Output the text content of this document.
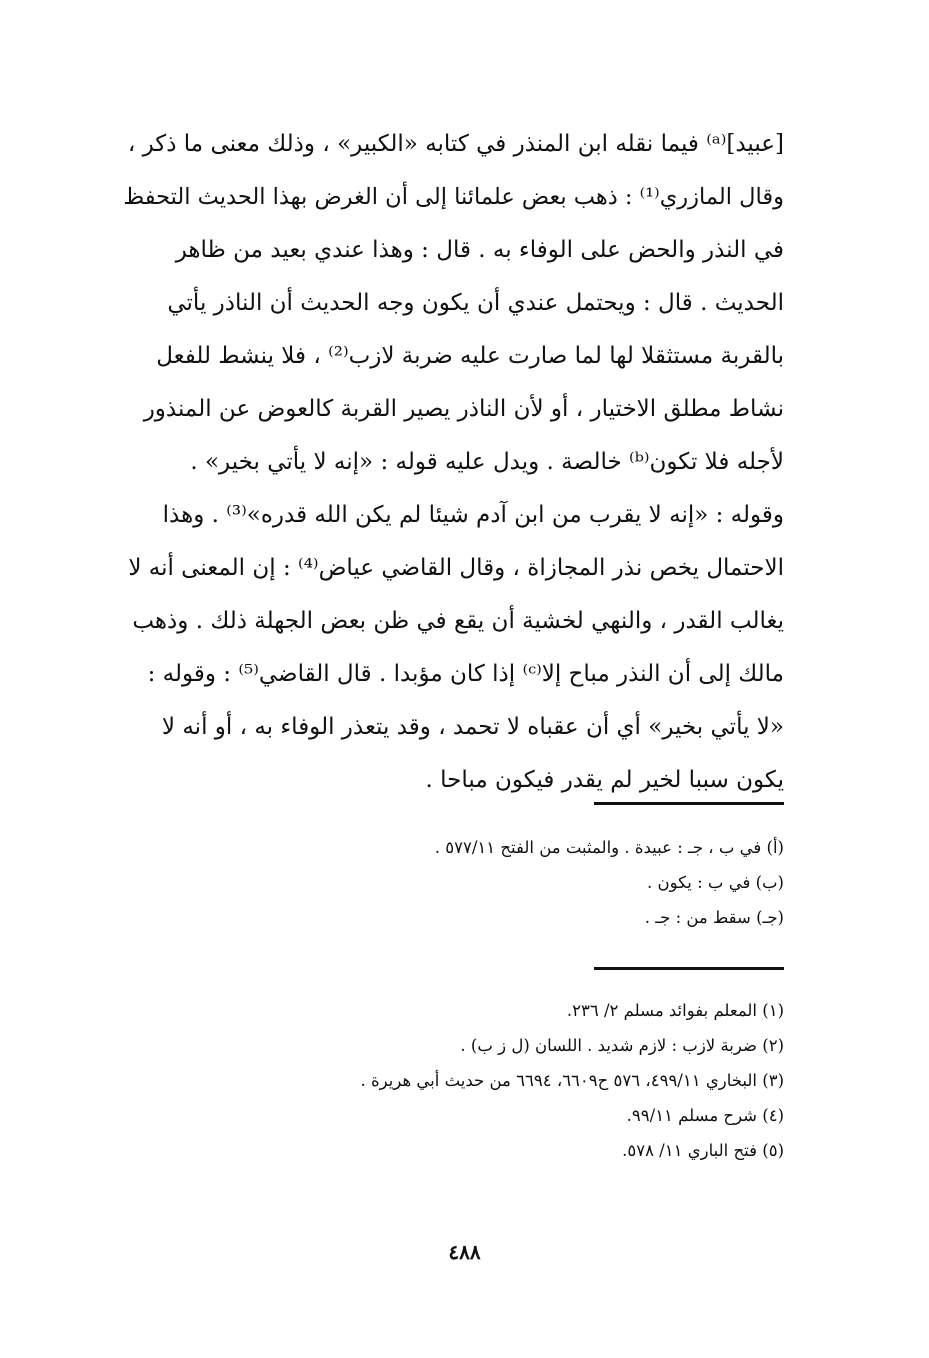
[عبيد]⁽ᵃ⁾ فيما نقله ابن المنذر في كتابه «الكبير» ، وذلك معنى ما ذكر ،
وقال المازري⁽¹⁾ : ذهب بعض علمائنا إلى أن الغرض بهذا الحديث التحفظ
في النذر والحض على الوفاء به . قال : وهذا عندي بعيد من ظاهر
الحديث . قال : ويحتمل عندي أن يكون وجه الحديث أن الناذر يأتي
بالقربة مستثقلا لها لما صارت عليه ضربة لازب⁽²⁾ ، فلا ينشط للفعل
نشاط مطلق الاختيار ، أو لأن الناذر يصير القربة كالعوض عن المنذور
لأجله فلا تكون⁽ᵇ⁾ خالصة . ويدل عليه قوله : «إنه لا يأتي بخير» .
وقوله : «إنه لا يقرب من ابن آدم شيئا لم يكن الله قدره»⁽³⁾ . وهذا
الاحتمال يخص نذر المجازاة ، وقال القاضي عياض⁽⁴⁾ : إن المعنى أنه لا
يغالب القدر ، والنهي لخشية أن يقع في ظن بعض الجهلة ذلك . وذهب
مالك إلى أن النذر مباح إلا⁽ᶜ⁾ إذا كان مؤبدا . قال القاضي⁽⁵⁾ : وقوله :
«لا يأتي بخير» أي أن عقباه لا تحمد ، وقد يتعذر الوفاء به ، أو أنه لا
يكون سببا لخير لم يقدر فيكون مباحا .
(أ) في ب ، جـ : عبيدة . والمثبت من الفتح ٥٧٧/١١ .
(ب) في ب : يكون .
(جـ) سقط من : جـ .
(١) المعلم بفوائد مسلم ٢/ ٢٣٦.
(٢) ضربة لازب : لازم شديد . اللسان (ل ز ب) .
(٣) البخاري ٤٩٩/١١، ٥٧٦ ح٦٦٠٩، ٦٦٩٤ من حديث أبي هريرة .
(٤) شرح مسلم ٩٩/١١.
(٥) فتح الباري ١١/ ٥٧٨.
٤٨٨
